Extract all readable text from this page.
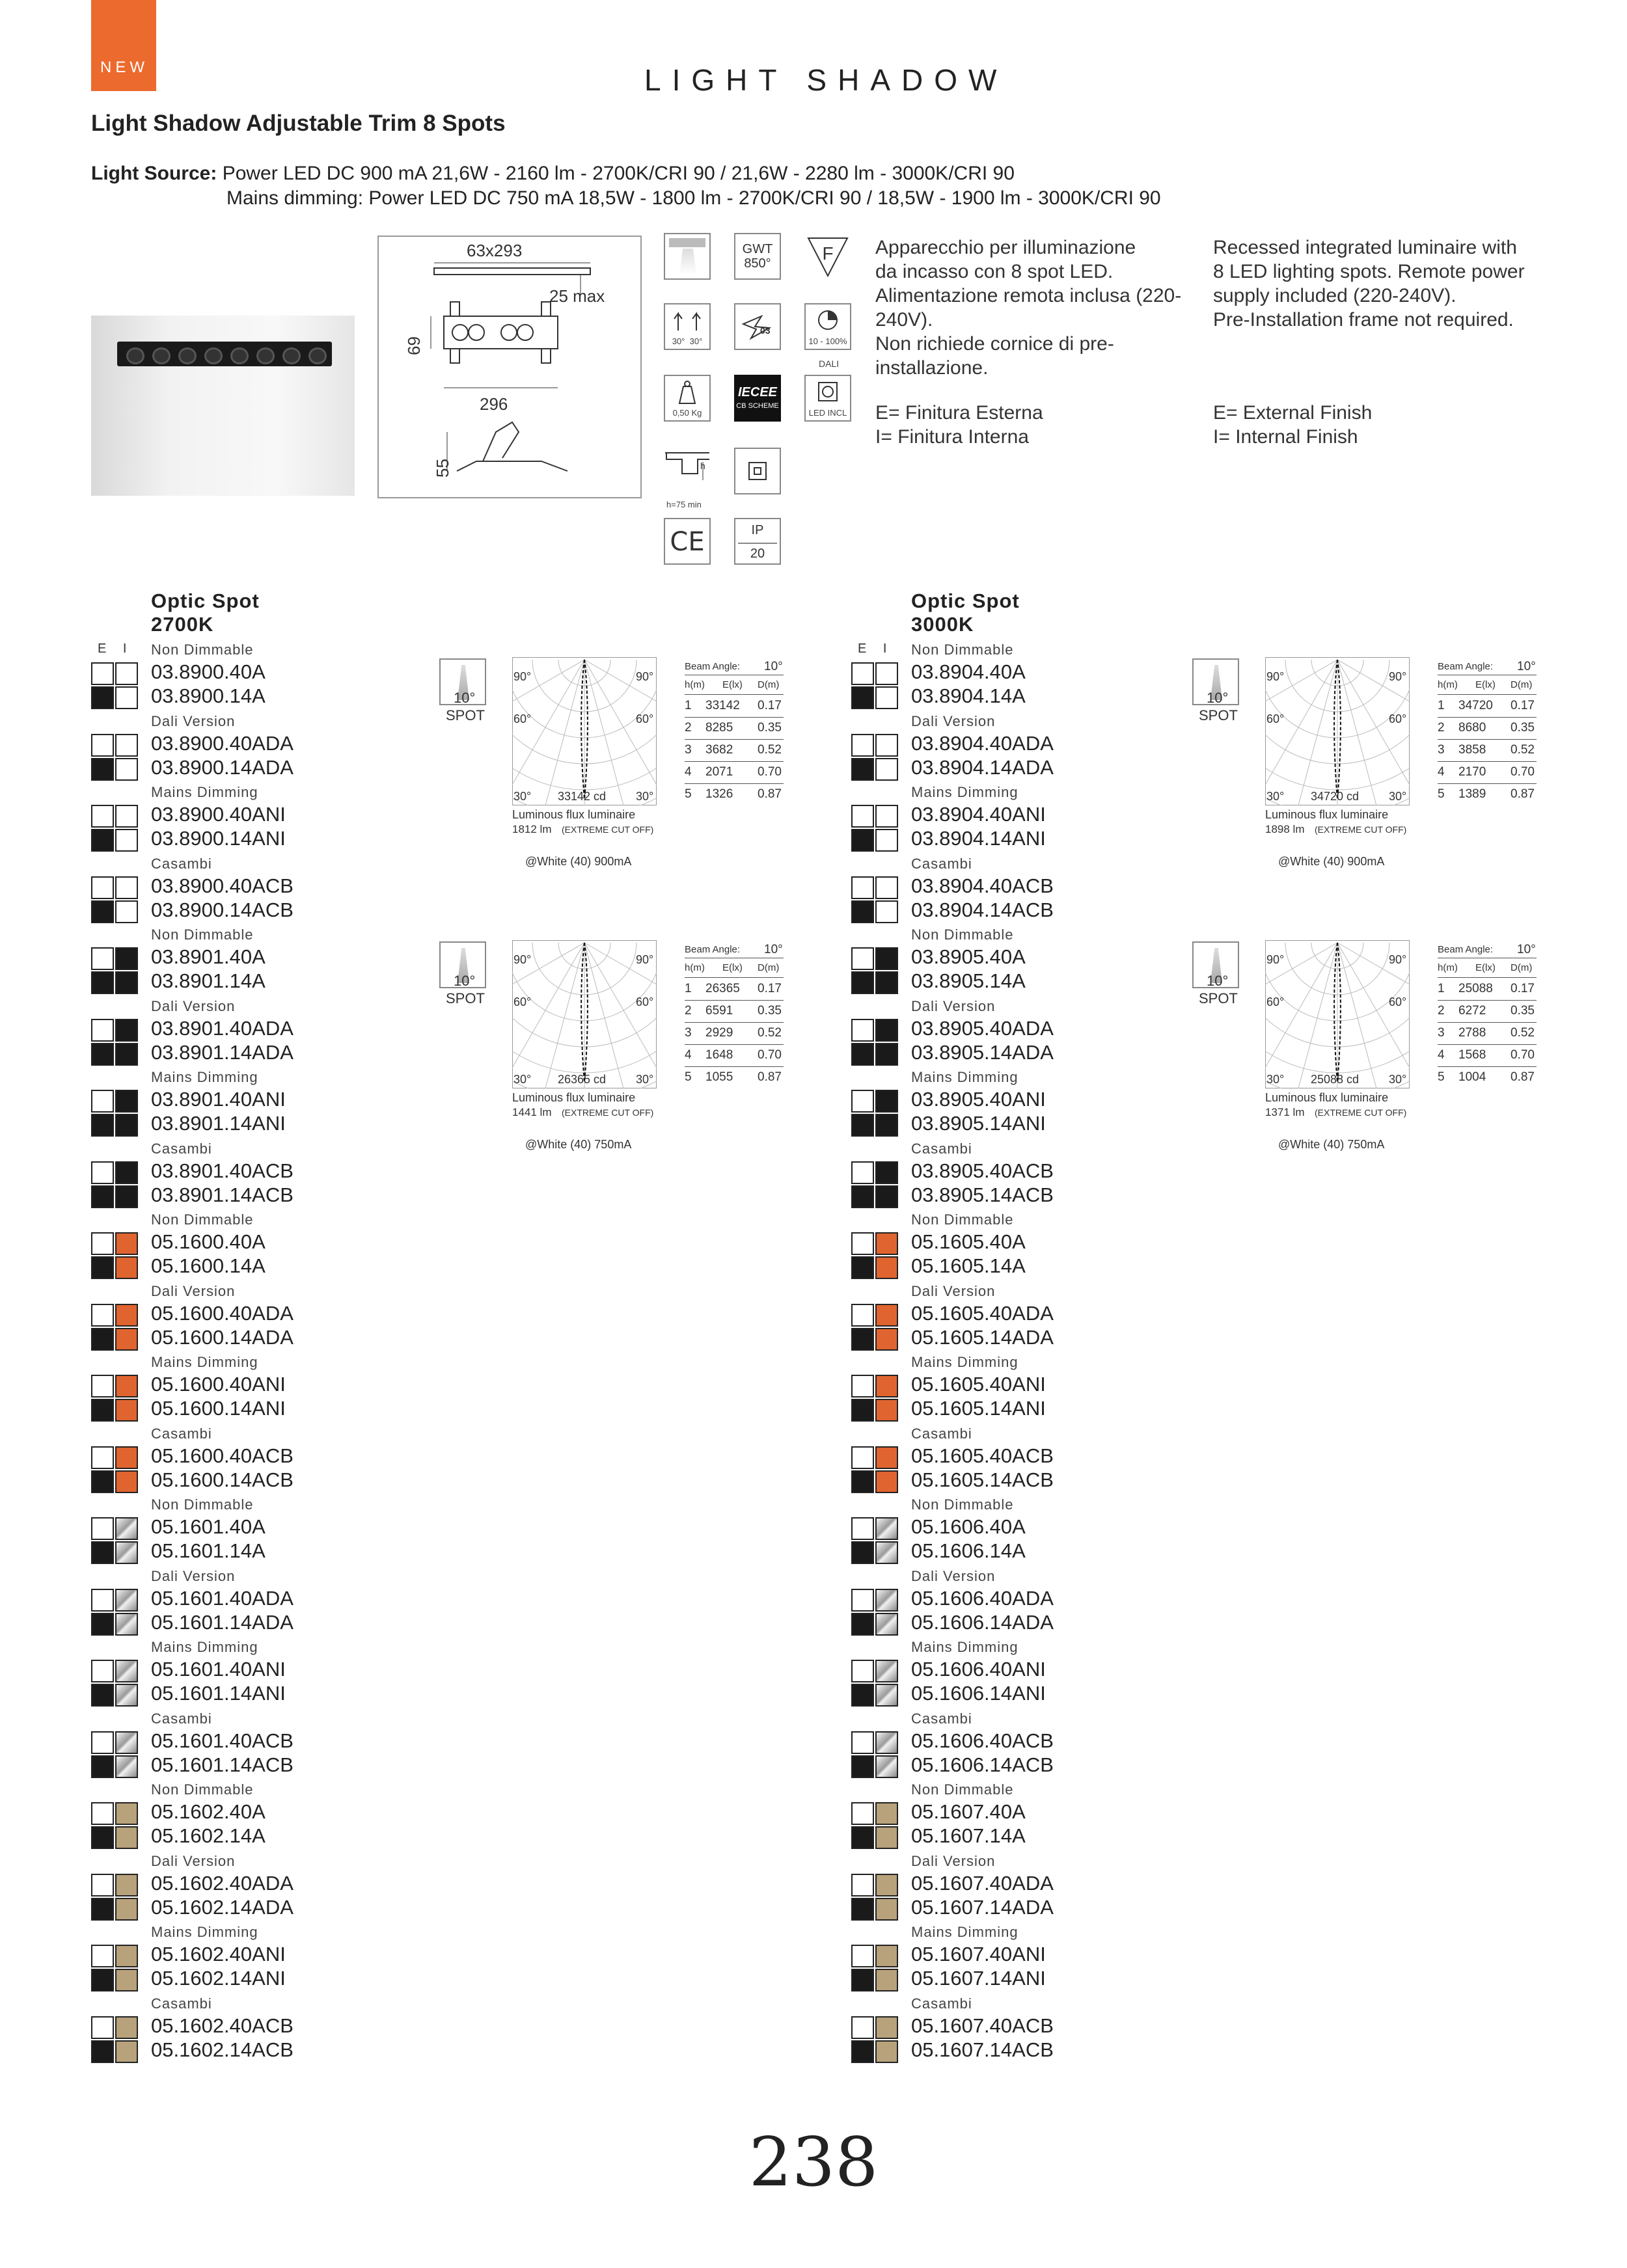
NEW	LIGHT SHADOW
Light Shadow Adjustable Trim 8 Spots
Light Source: Power LED DC 900 mA 21,6W - 2160 lm - 2700K/CRI 90 / 21,6W - 2280 lm - 3000K/CRI 90
Mains dimming: Power LED DC 750 mA 18,5W - 1800 lm - 2700K/CRI 90 / 18,5W - 1900 lm - 3000K/CRI 90
63x293
25 max
69
296
55
GWT
850°	F
30° 30°
03
10 - 100%
DALI
0,50 Kg
IECEE
CB SCHEME
LED INCL
h
h=75 min
CE	IP
20
Apparecchio per illuminazione
da incasso con 8 spot LED.
Alimentazione remota inclusa (220-
240V).
Non richiede cornice di pre-
installazione.
Recessed integrated luminaire with
8 LED lighting spots. Remote power
supply included (220-240V).
Pre-Installation frame not required.
E= Finitura Esterna
I= Finitura Interna
E= External Finish
I= Internal Finish
Optic Spot
2700K
E I Non Dimmable
03.8900.40A
03.8900.14A
Dali Version
03.8900.40ADA
03.8900.14ADA
Mains Dimming
03.8900.40ANI
03.8900.14ANI
Casambi
03.8900.40ACB
03.8900.14ACB
Non Dimmable
03.8901.40A
03.8901.14A
Dali Version
03.8901.40ADA
03.8901.14ADA
Mains Dimming
03.8901.40ANI
03.8901.14ANI
Casambi
03.8901.40ACB
03.8901.14ACB
Non Dimmable
05.1600.40A
05.1600.14A
Dali Version
05.1600.40ADA
05.1600.14ADA
Mains Dimming
05.1600.40ANI
05.1600.14ANI
Casambi
05.1600.40ACB
05.1600.14ACB
Non Dimmable
05.1601.40A
05.1601.14A
Dali Version
05.1601.40ADA
05.1601.14ADA
Mains Dimming
05.1601.40ANI
05.1601.14ANI
Casambi
05.1601.40ACB
05.1601.14ACB
Non Dimmable
05.1602.40A
05.1602.14A
Dali Version
05.1602.40ADA
05.1602.14ADA
Mains Dimming
05.1602.40ANI
05.1602.14ANI
Casambi
05.1602.40ACB
05.1602.14ACB
10°
SPOT
90°	90°
60°	60°
30°	30°
33142 cd
Luminous flux luminaire
1812 lm (EXTREME CUT OFF)
@White (40) 900mA
Beam Angle: 10°
h(m) E(lx) D(m)
1 33142 0.17
2 8285 0.35
3 3682 0.52
4 2071 0.70
5 1326 0.87
10°
SPOT
90°	90°
60°	60°
30°	30°
26365 cd
Luminous flux luminaire
1441 lm (EXTREME CUT OFF)
@White (40) 750mA
Beam Angle: 10°
h(m) E(lx) D(m)
1 26365 0.17
2 6591 0.35
3 2929 0.52
4 1648 0.70
5 1055 0.87
Optic Spot
3000K
E I Non Dimmable
03.8904.40A
03.8904.14A
Dali Version
03.8904.40ADA
03.8904.14ADA
Mains Dimming
03.8904.40ANI
03.8904.14ANI
Casambi
03.8904.40ACB
03.8904.14ACB
Non Dimmable
03.8905.40A
03.8905.14A
Dali Version
03.8905.40ADA
03.8905.14ADA
Mains Dimming
03.8905.40ANI
03.8905.14ANI
Casambi
03.8905.40ACB
03.8905.14ACB
Non Dimmable
05.1605.40A
05.1605.14A
Dali Version
05.1605.40ADA
05.1605.14ADA
Mains Dimming
05.1605.40ANI
05.1605.14ANI
Casambi
05.1605.40ACB
05.1605.14ACB
Non Dimmable
05.1606.40A
05.1606.14A
Dali Version
05.1606.40ADA
05.1606.14ADA
Mains Dimming
05.1606.40ANI
05.1606.14ANI
Casambi
05.1606.40ACB
05.1606.14ACB
Non Dimmable
05.1607.40A
05.1607.14A
Dali Version
05.1607.40ADA
05.1607.14ADA
Mains Dimming
05.1607.40ANI
05.1607.14ANI
Casambi
05.1607.40ACB
05.1607.14ACB
10°
SPOT
90°	90°
60°	60°
30°	30°
34720 cd
Luminous flux luminaire
1898 lm (EXTREME CUT OFF)
@White (40) 900mA
Beam Angle: 10°
h(m) E(lx) D(m)
1 34720 0.17
2 8680 0.35
3 3858 0.52
4 2170 0.70
5 1389 0.87
10°
SPOT
90°	90°
60°	60°
30°	30°
25088 cd
Luminous flux luminaire
1371 lm (EXTREME CUT OFF)
@White (40) 750mA
Beam Angle: 10°
h(m) E(lx) D(m)
1 25088 0.17
2 6272 0.35
3 2788 0.52
4 1568 0.70
5 1004 0.87
238
